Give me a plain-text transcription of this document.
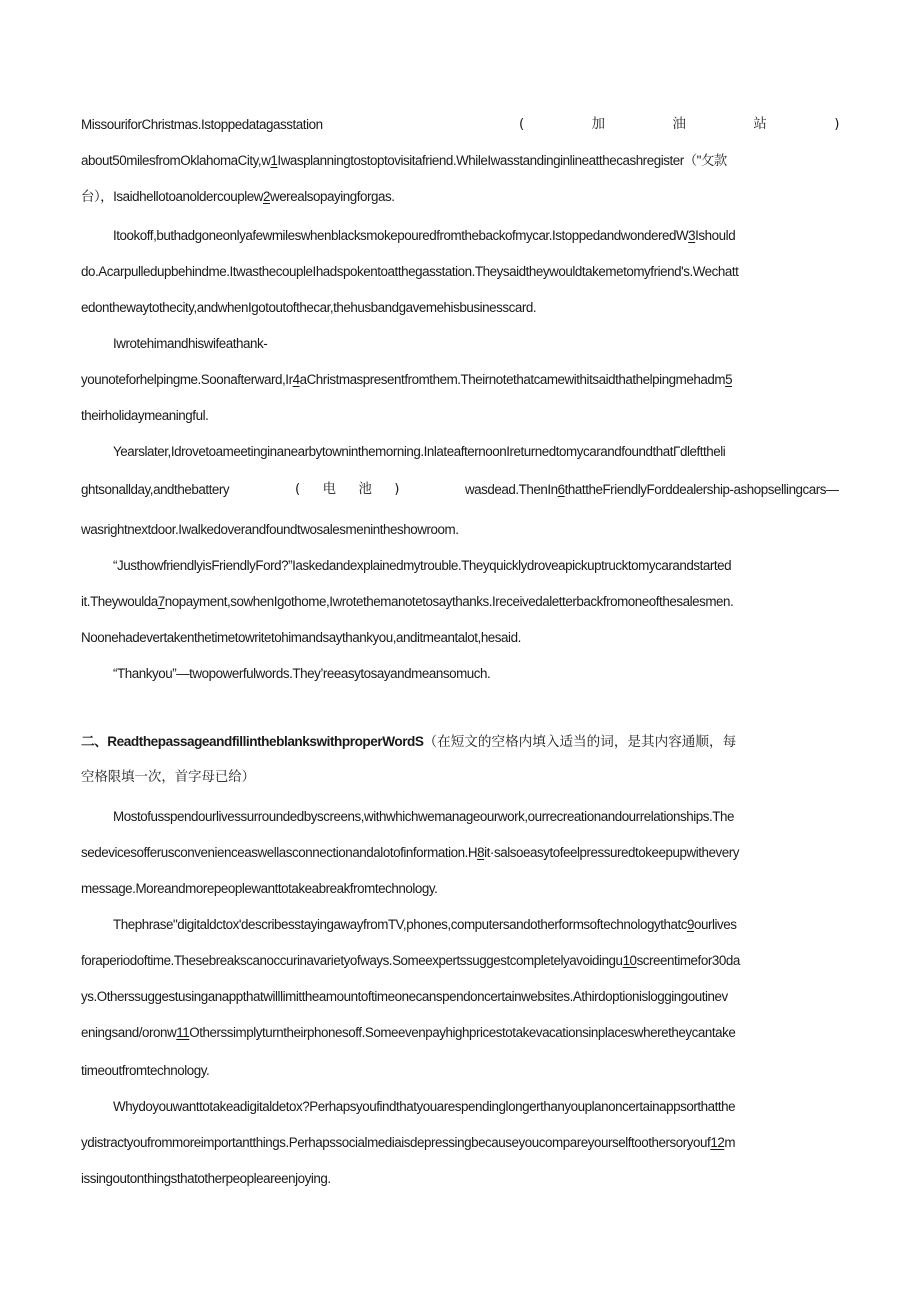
MissouriforChristmas.Istoppedatagasstation	(	加	油	站	)
about50milesfromOklahomaCity,w1Iwasplanningtostoptovisitafriend.WhileIwasstandinginlineatthecashregister（"攵款
台），Isaidhellotoanoldercouplew2werealsopayingforgas.
Itookoff,buthadgoneonlyafewmileswhenblacksmokepouredfromthebackofmycar.IstoppedandwonderedW3Ishould
do.Acarpulledupbehindme.ItwasthecoupleIhadspokentoatthegasstation.Theysaidtheywouldtakemetomyfriend's.Wechatt
edonthewaytothecity,andwhenIgotoutofthecar,thehusbandgavemehisbusinesscard.
Iwrotehimandhiswifeathank-
younoteforhelpingme.Soonafterward,Ir4aChristmaspresentfromthem.Theirnotethatcamewithitsaidthathelpingmehadm5
theirholidaymeaningful.
Yearslater,Idrovetoameetinginanearbytowninthemorning.InlateafternoonIreturnedtomycarandfoundthatΓdlefttheli
ghtsonallday,andthebattery	( 电 池 )	wasdead.ThenIn6thattheFriendlyForddealership-ashopsellingcars—
wasrightnextdoor.Iwalkedoverandfoundtwosalesmenintheshowroom.
“JusthowfriendlyisFriendlyFord?”Iaskedandexplainedmytrouble.Theyquicklydroveapickuptrucktomycarandstarted
it.Theywoulda7nopayment,sowhenIgothome,Iwrotethemanotetosaythanks.Ireceivedaletterbackfromoneofthesalesmen.
Noonehadevertakenthetimetowritetohimandsaythankyou,anditmeantalot,hesaid.
“Thankyou”—twopowerfulwords.They’reeasytosayandmeansomuch.
二、ReadthepassageandfillintheblankswithproperWordS（在短文的空格内填入适当的词，是其内容通顺，每
空格限填一次，首字母已给）
Mostofusspendourlivessurroundedbyscreens,withwhichwemanageourwork,ourrecreationandourrelationships.The
sedevicesofferusconvenienceaswellasconnectionandalotofinformation.H8it·salsoeasytofeelpressuredtokeepupwithevery
message.Moreandmorepeoplewanttotakeabreakfromtechnology.
Thephrase"digitaldctox'describesstayingawayfromTV,phones,computersandotherformsoftechnologythatc9ourlives
foraperiodoftime.Thesebreakscanoccurinavarietyofways.Someexpertssuggestcompletelyavoidingu10screentimefor30da
ys.Otherssuggestusinganappthatwilllimittheamountoftimeonecanspendoncertainwebsites.Athirdoptionisloggingoutinev
eningsand/oronw11Otherssimplyturntheirphonesoff.Someevenpayhighpricestotakevacationsinplaceswheretheycantake
timeoutfromtechnology.
Whydoyouwanttotakeadigitaldetox?Perhapsyoufindthatyouarespendinglongerthanyouplanoncertainappsorthatthe
ydistractyoufrommoreimportantthings.Perhapssocialmediaisdepressingbecauseyoucompareyourselftoothersoryouf12m
issingoutonthingsthatotherpeopleareenjoying.
